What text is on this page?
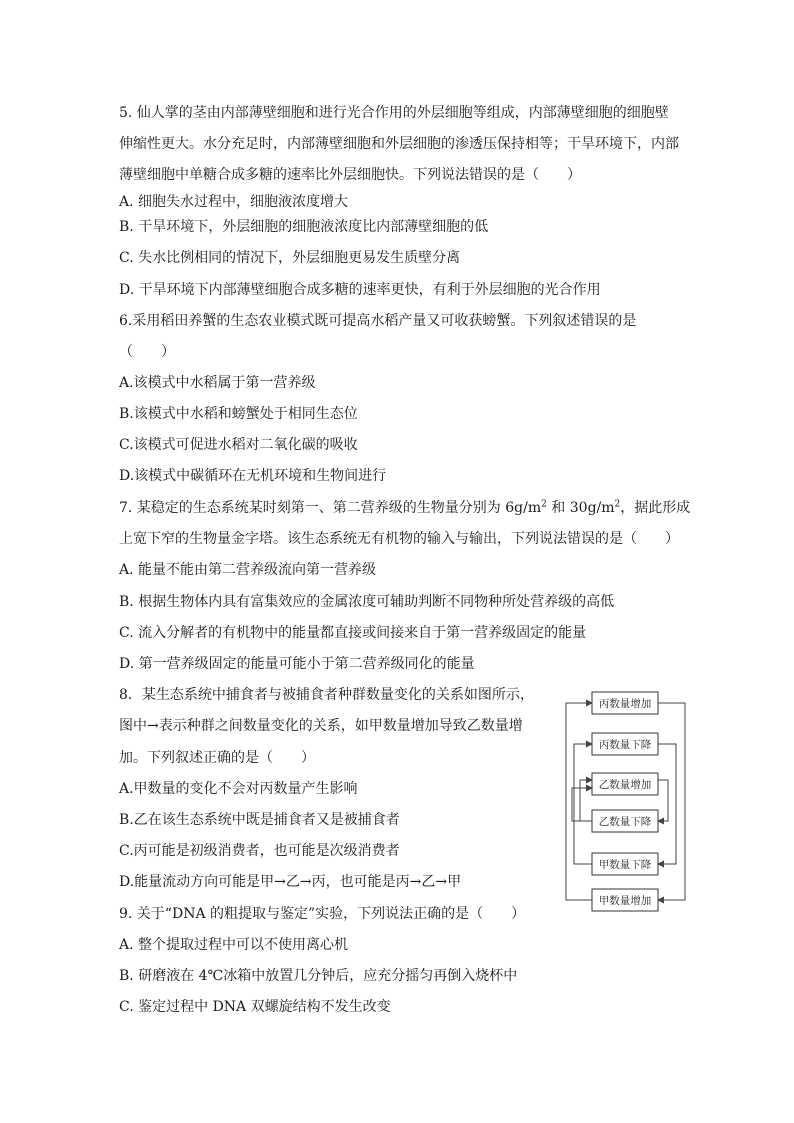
5. 仙人掌的茎由内部薄壁细胞和进行光合作用的外层细胞等组成，内部薄壁细胞的细胞壁
伸缩性更大。水分充足时，内部薄壁细胞和外层细胞的渗透压保持相等；干旱环境下，内部
薄壁细胞中单糖合成多糖的速率比外层细胞快。下列说法错误的是（　　）
A. 细胞失水过程中，细胞液浓度增大
B. 干旱环境下，外层细胞的细胞液浓度比内部薄壁细胞的低
C. 失水比例相同的情况下，外层细胞更易发生质壁分离
D. 干旱环境下内部薄壁细胞合成多糖的速率更快，有利于外层细胞的光合作用
6.采用稻田养蟹的生态农业模式既可提高水稻产量又可收获螃蟹。下列叙述错误的是
（　　）
A.该模式中水稻属于第一营养级
B.该模式中水稻和螃蟹处于相同生态位
C.该模式可促进水稻对二氧化碳的吸收
D.该模式中碳循环在无机环境和生物间进行
7. 某稳定的生态系统某时刻第一、第二营养级的生物量分别为 $6g/m^2$ 和 $30g/m^2$，据此形成
上宽下窄的生物量金字塔。该生态系统无有机物的输入与输出，下列说法错误的是（　　）
A. 能量不能由第二营养级流向第一营养级
B. 根据生物体内具有富集效应的金属浓度可辅助判断不同物种所处营养级的高低
C. 流入分解者的有机物中的能量都直接或间接来自于第一营养级固定的能量
D. 第一营养级固定的能量可能小于第二营养级同化的能量
8．某生态系统中捕食者与被捕食者种群数量变化的关系如图所示，
图中→表示种群之间数量变化的关系，如甲数量增加导致乙数量增
加。下列叙述正确的是（　　）
A.甲数量的变化不会对丙数量产生影响
B.乙在该生态系统中既是捕食者又是被捕食者
C.丙可能是初级消费者，也可能是次级消费者
D.能量流动方向可能是甲→乙→丙，也可能是丙→乙→甲
丙数量增加
丙数量下降
乙数量增加
乙数量下降
甲数量下降
甲数量增加
9. 关于“DNA 的粗提取与鉴定”实验，下列说法正确的是（　　）
A. 整个提取过程中可以不使用离心机
B. 研磨液在 4℃冰箱中放置几分钟后，应充分摇匀再倒入烧杯中
C. 鉴定过程中 DNA 双螺旋结构不发生改变
